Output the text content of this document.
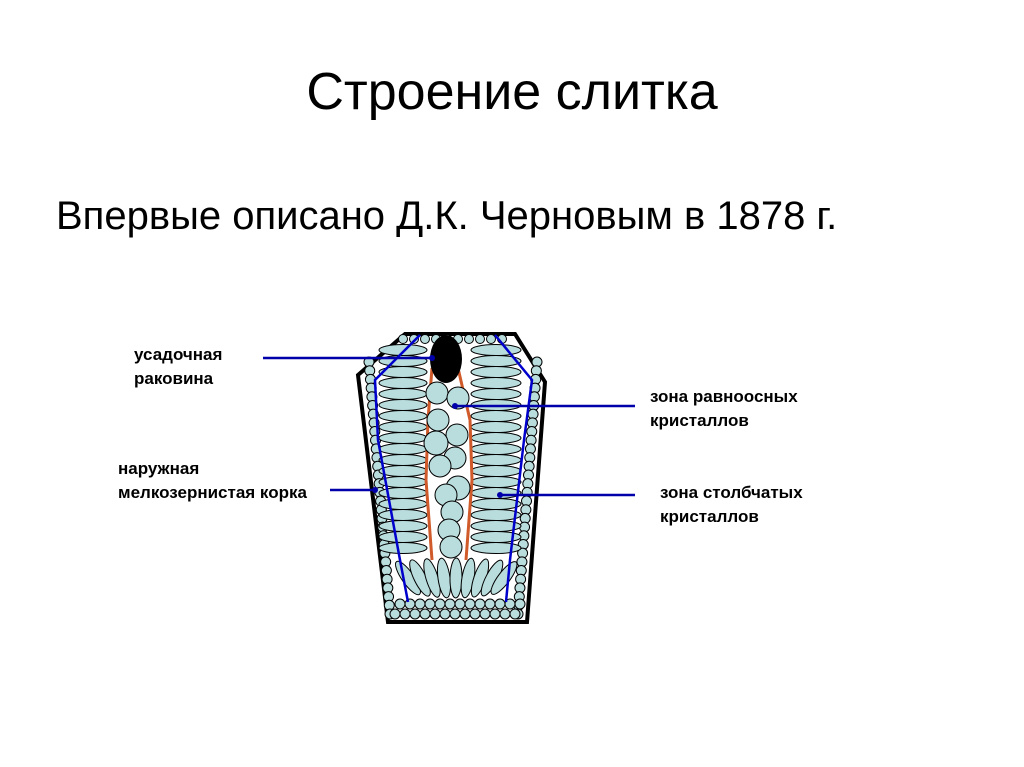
Строение слитка
Впервые описано Д.К. Черновым в 1878 г.
усадочная
раковина
наружная
мелкозернистая корка
зона равноосных
кристаллов
зона столбчатых
кристаллов
